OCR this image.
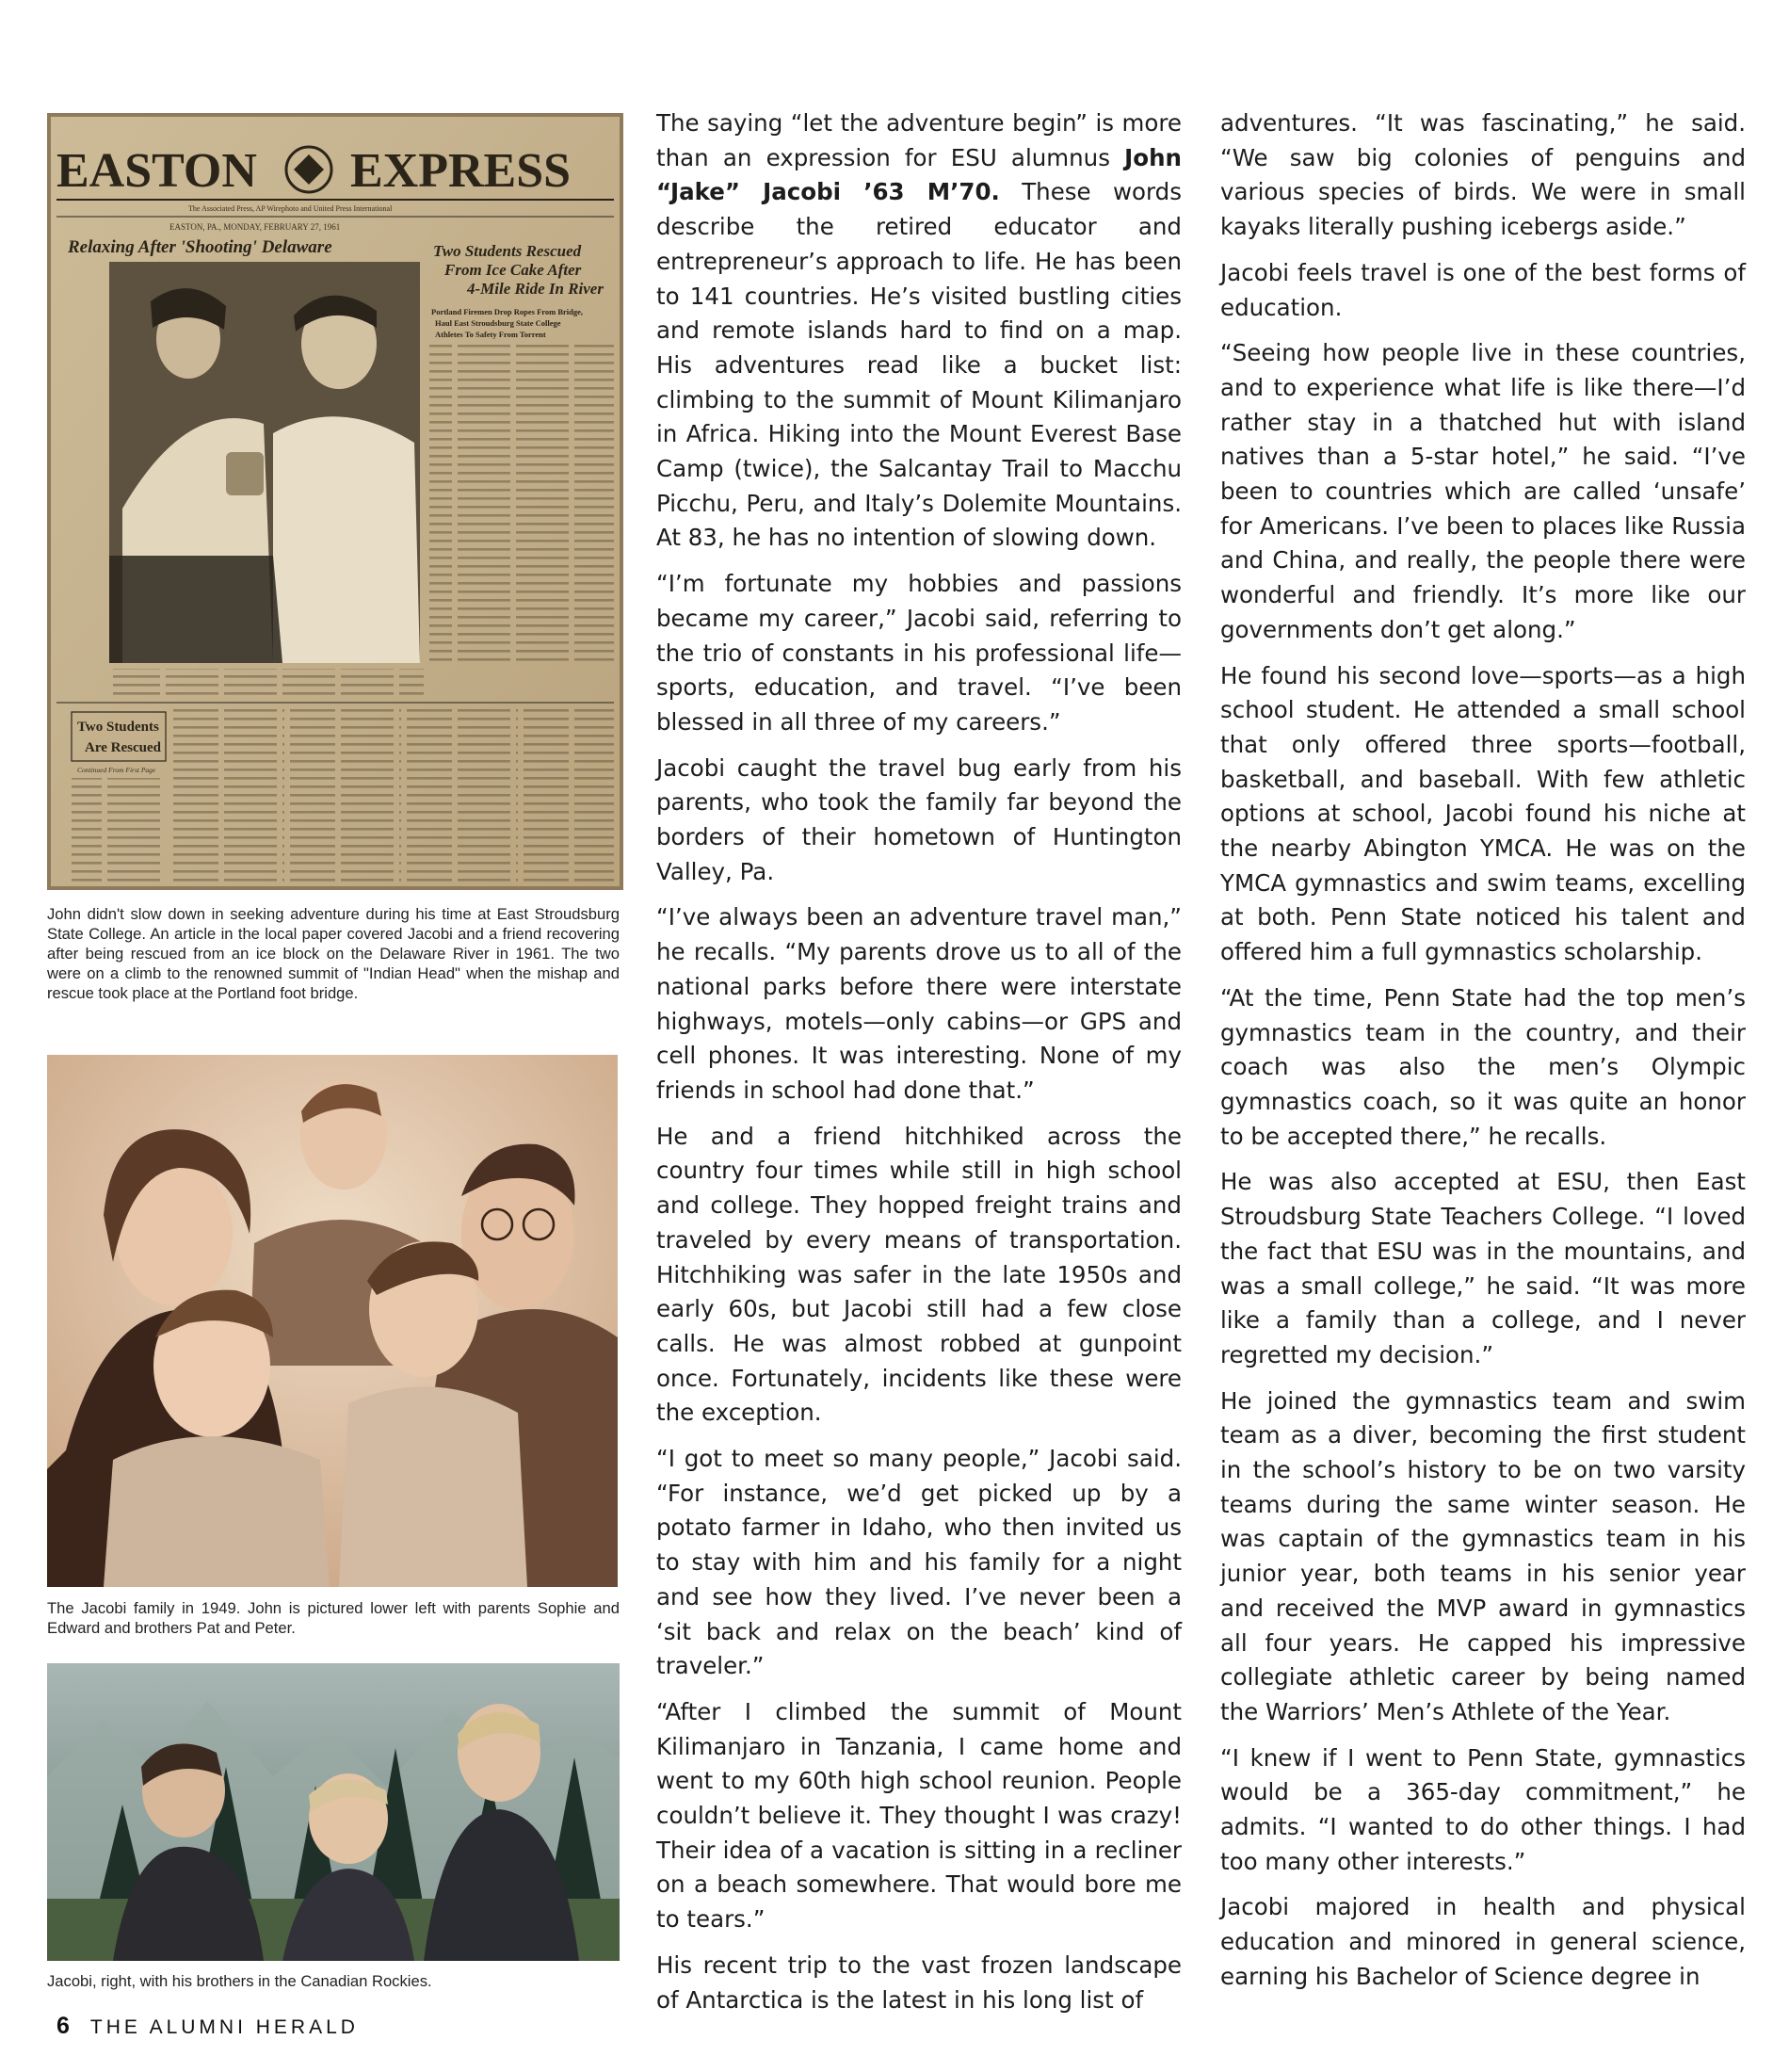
EASTON EXPRESS
The Associated Press, AP Wirephoto and United Press International
EASTON, PA., MONDAY, FEBRUARY 27, 1961
Relaxing After 'Shooting' Delaware	Two Students Rescued
From Ice Cake After
4-Mile Ride In River
Portland Firemen Drop Ropes From Bridge,
Haul East Stroudsburg State College
Athletes To Safety From Torrent
Two Students
Are Rescued
Continued From First Page

John didn't slow down in seeking adventure during his time at East Stroudsburg State College. An article in the local paper covered Jacobi and a friend recovering after being rescued from an ice block on the Delaware River in 1961. The two were on a climb to the renowned summit of "Indian Head" when the mishap and rescue took place at the Portland foot bridge.

The Jacobi family in 1949. John is pictured lower left with parents Sophie and Edward and brothers Pat and Peter.

Jacobi, right, with his brothers in the Canadian Rockies.

The saying “let the adventure begin” is more than an expression for ESU alumnus John “Jake” Jacobi ’63 M’70. These words describe the retired educator and entrepreneur’s approach to life. He has been to 141 countries. He’s visited bustling cities and remote islands hard to find on a map. His adventures read like a bucket list: climbing to the summit of Mount Kilimanjaro in Africa. Hiking into the Mount Everest Base Camp (twice), the Salcantay Trail to Macchu Picchu, Peru, and Italy’s Dolemite Mountains. At 83, he has no intention of slowing down.

“I’m fortunate my hobbies and passions became my career,” Jacobi said, referring to the trio of constants in his professional life—sports, education, and travel. “I’ve been blessed in all three of my careers.”

Jacobi caught the travel bug early from his parents, who took the family far beyond the borders of their hometown of Huntington Valley, Pa.

“I’ve always been an adventure travel man,” he recalls. “My parents drove us to all of the national parks before there were interstate highways, motels—only cabins—or GPS and cell phones. It was interesting. None of my friends in school had done that.”

He and a friend hitchhiked across the country four times while still in high school and college. They hopped freight trains and traveled by every means of transportation. Hitchhiking was safer in the late 1950s and early 60s, but Jacobi still had a few close calls. He was almost robbed at gunpoint once. Fortunately, incidents like these were the exception.

“I got to meet so many people,” Jacobi said. “For instance, we’d get picked up by a potato farmer in Idaho, who then invited us to stay with him and his family for a night and see how they lived. I’ve never been a ‘sit back and relax on the beach’ kind of traveler.”

“After I climbed the summit of Mount Kilimanjaro in Tanzania, I came home and went to my 60th high school reunion. People couldn’t believe it. They thought I was crazy! Their idea of a vacation is sitting in a recliner on a beach somewhere. That would bore me to tears.”

His recent trip to the vast frozen landscape of Antarctica is the latest in his long list of

adventures. “It was fascinating,” he said. “We saw big colonies of penguins and various species of birds. We were in small kayaks literally pushing icebergs aside.”

Jacobi feels travel is one of the best forms of education.

“Seeing how people live in these countries, and to experience what life is like there—I’d rather stay in a thatched hut with island natives than a 5-star hotel,” he said. “I’ve been to countries which are called ‘unsafe’ for Americans. I’ve been to places like Russia and China, and really, the people there were wonderful and friendly. It’s more like our governments don’t get along.”

He found his second love—sports—as a high school student. He attended a small school that only offered three sports—football, basketball, and baseball. With few athletic options at school, Jacobi found his niche at the nearby Abington YMCA. He was on the YMCA gymnastics and swim teams, excelling at both. Penn State noticed his talent and offered him a full gymnastics scholarship.

“At the time, Penn State had the top men’s gymnastics team in the country, and their coach was also the men’s Olympic gymnastics coach, so it was quite an honor to be accepted there,” he recalls.

He was also accepted at ESU, then East Stroudsburg State Teachers College. “I loved the fact that ESU was in the mountains, and was a small college,” he said. “It was more like a family than a college, and I never regretted my decision.”

He joined the gymnastics team and swim team as a diver, becoming the first student in the school’s history to be on two varsity teams during the same winter season. He was captain of the gymnastics team in his junior year, both teams in his senior year and received the MVP award in gymnastics all four years. He capped his impressive collegiate athletic career by being named the Warriors’ Men’s Athlete of the Year.

“I knew if I went to Penn State, gymnastics would be a 365-day commitment,” he admits. “I wanted to do other things. I had too many other interests.”

Jacobi majored in health and physical education and minored in general science, earning his Bachelor of Science degree in

6 THE ALUMNI HERALD
